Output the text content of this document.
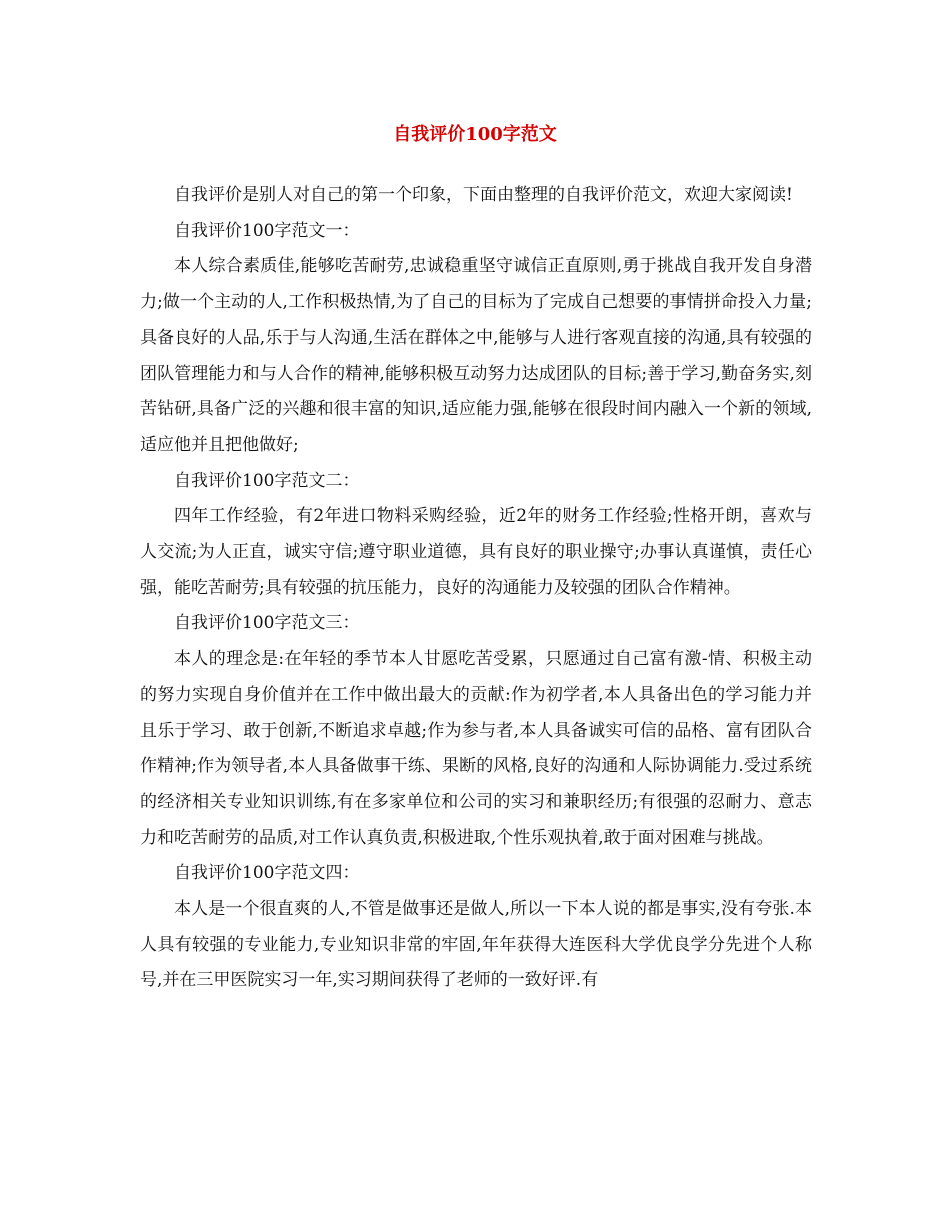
自我评价100字范文

自我评价是别人对自己的第一个印象，下面由整理的自我评价范文，欢迎大家阅读!

自我评价100字范文一：

本人综合素质佳,能够吃苦耐劳,忠诚稳重坚守诚信正直原则,勇于挑战自我开发自身潜力;做一个主动的人,工作积极热情,为了自己的目标为了完成自己想要的事情拼命投入力量;具备良好的人品,乐于与人沟通,生活在群体之中,能够与人进行客观直接的沟通,具有较强的团队管理能力和与人合作的精神,能够积极互动努力达成团队的目标;善于学习,勤奋务实,刻苦钻研,具备广泛的兴趣和很丰富的知识,适应能力强,能够在很段时间内融入一个新的领域,适应他并且把他做好;

自我评价100字范文二：

四年工作经验，有2年进口物料采购经验，近2年的财务工作经验;性格开朗，喜欢与人交流;为人正直，诚实守信;遵守职业道德，具有良好的职业操守;办事认真谨慎，责任心强，能吃苦耐劳;具有较强的抗压能力，良好的沟通能力及较强的团队合作精神。

自我评价100字范文三：

本人的理念是:在年轻的季节本人甘愿吃苦受累，只愿通过自己富有激-情、积极主动的努力实现自身价值并在工作中做出最大的贡献:作为初学者,本人具备出色的学习能力并且乐于学习、敢于创新,不断追求卓越;作为参与者,本人具备诚实可信的品格、富有团队合作精神;作为领导者,本人具备做事干练、果断的风格,良好的沟通和人际协调能力.受过系统的经济相关专业知识训练,有在多家单位和公司的实习和兼职经历;有很强的忍耐力、意志力和吃苦耐劳的品质,对工作认真负责,积极进取,个性乐观执着,敢于面对困难与挑战。

自我评价100字范文四：

本人是一个很直爽的人,不管是做事还是做人,所以一下本人说的都是事实,没有夸张.本人具有较强的专业能力,专业知识非常的牢固,年年获得大连医科大学优良学分先进个人称号,并在三甲医院实习一年,实习期间获得了老师的一致好评.有
